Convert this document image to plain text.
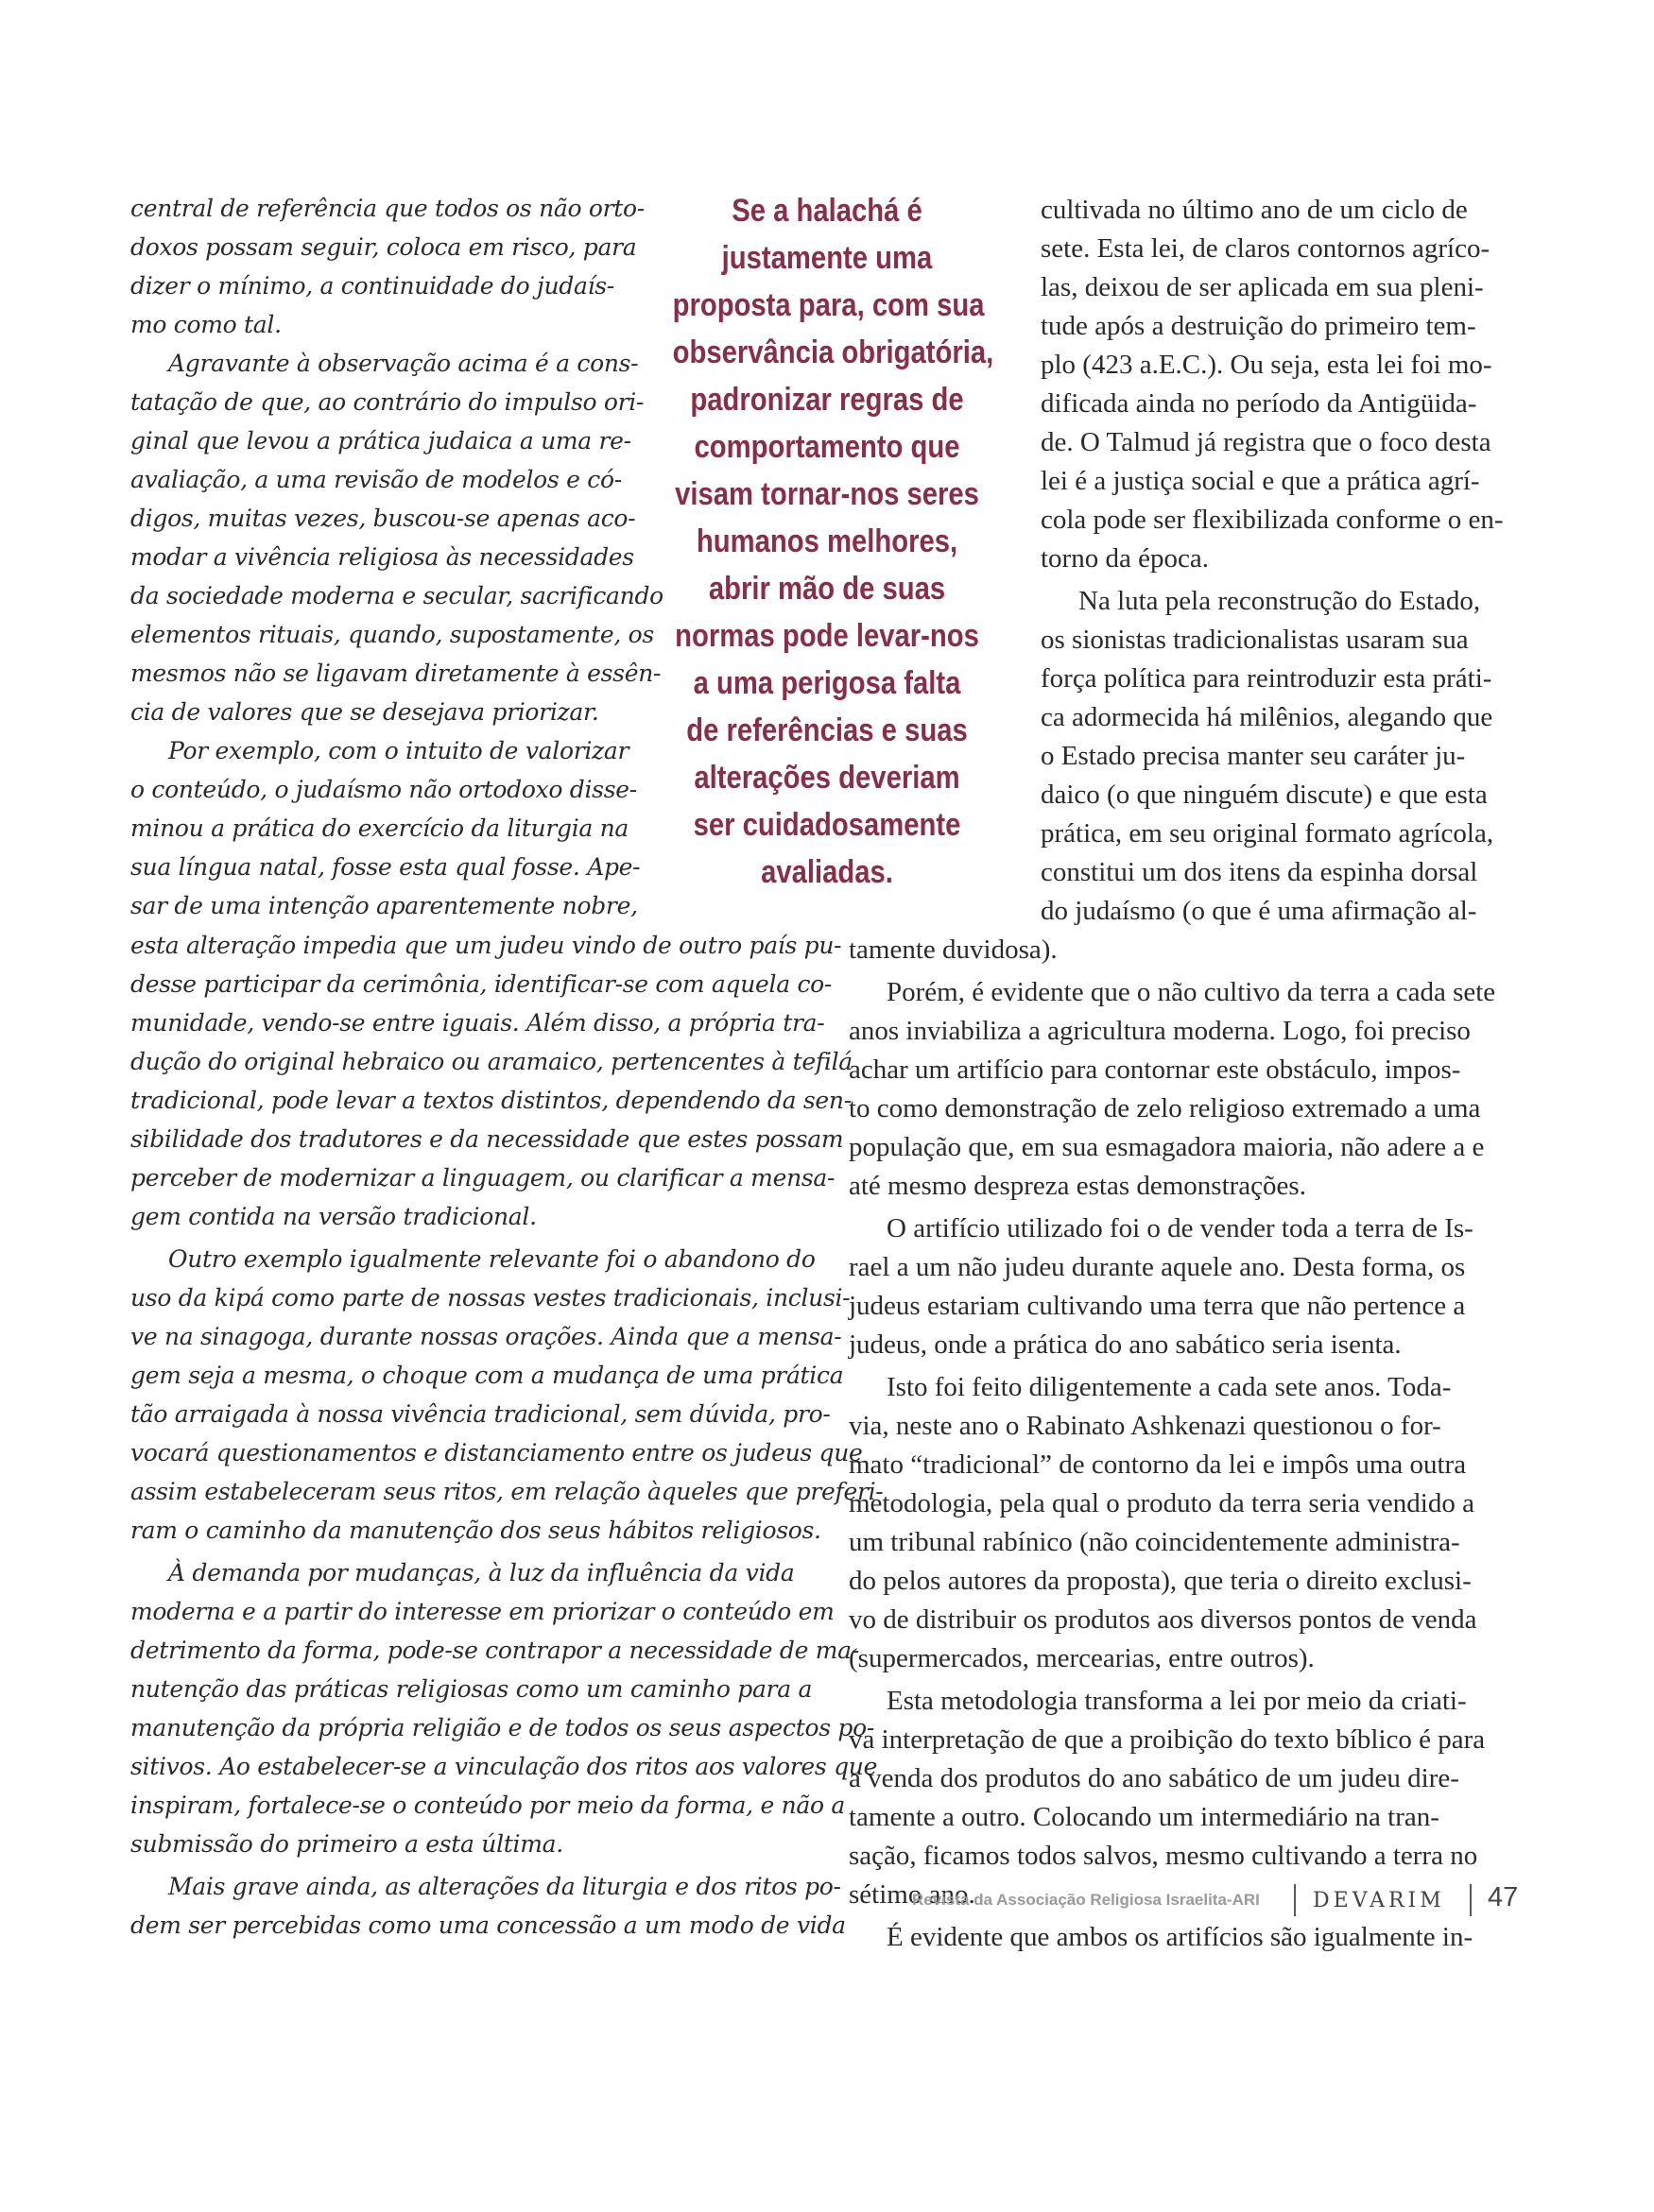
central de referência que todos os não orto-

doxos possam seguir, coloca em risco, para

dizer o mínimo, a continuidade do judaís-

mo como tal.

Agravante à observação acima é a cons-

tatação de que, ao contrário do impulso ori-

ginal que levou a prática judaica a uma re-

avaliação, a uma revisão de modelos e có-

digos, muitas vezes, buscou-se apenas aco-

modar a vivência religiosa às necessidades

da sociedade moderna e secular, sacrificando

elementos rituais, quando, supostamente, os

mesmos não se ligavam diretamente à essên-

cia de valores que se desejava priorizar.

Por exemplo, com o intuito de valorizar

o conteúdo, o judaísmo não ortodoxo disse-

minou a prática do exercício da liturgia na

sua língua natal, fosse esta qual fosse. Ape-

sar de uma intenção aparentemente nobre,

esta alteração impedia que um judeu vindo de outro país pu-

desse participar da cerimônia, identificar-se com aquela co-

munidade, vendo-se entre iguais. Além disso, a própria tra-

dução do original hebraico ou aramaico, pertencentes à tefilá

tradicional, pode levar a textos distintos, dependendo da sen-

sibilidade dos tradutores e da necessidade que estes possam

perceber de modernizar a linguagem, ou clarificar a mensa-

gem contida na versão tradicional.

Outro exemplo igualmente relevante foi o abandono do

uso da kipá como parte de nossas vestes tradicionais, inclusi-

ve na sinagoga, durante nossas orações. Ainda que a mensa-

gem seja a mesma, o choque com a mudança de uma prática

tão arraigada à nossa vivência tradicional, sem dúvida, pro-

vocará questionamentos e distanciamento entre os judeus que

assim estabeleceram seus ritos, em relação àqueles que preferi-

ram o caminho da manutenção dos seus hábitos religiosos.

À demanda por mudanças, à luz da influência da vida

moderna e a partir do interesse em priorizar o conteúdo em

detrimento da forma, pode-se contrapor a necessidade de ma-

nutenção das práticas religiosas como um caminho para a

manutenção da própria religião e de todos os seus aspectos po-

sitivos. Ao estabelecer-se a vinculação dos ritos aos valores que

inspiram, fortalece-se o conteúdo por meio da forma, e não a

submissão do primeiro a esta última.

Mais grave ainda, as alterações da liturgia e dos ritos po-

dem ser percebidas como uma concessão a um modo de vida

Se a halachá é

justamente uma

proposta para, com sua

observância obrigatória,

padronizar regras de

comportamento que

visam tornar-nos seres

humanos melhores,

abrir mão de suas

normas pode levar-nos

a uma perigosa falta

de referências e suas

alterações deveriam

ser cuidadosamente

avaliadas.

cultivada no último ano de um ciclo de

sete. Esta lei, de claros contornos agríco-

las, deixou de ser aplicada em sua pleni-

tude após a destruição do primeiro tem-

plo (423 a.E.C.). Ou seja, esta lei foi mo-

dificada ainda no período da Antigüida-

de. O Talmud já registra que o foco desta

lei é a justiça social e que a prática agrí-

cola pode ser flexibilizada conforme o en-

torno da época.

Na luta pela reconstrução do Estado,

os sionistas tradicionalistas usaram sua

força política para reintroduzir esta práti-

ca adormecida há milênios, alegando que

o Estado precisa manter seu caráter ju-

daico (o que ninguém discute) e que esta

prática, em seu original formato agrícola,

constitui um dos itens da espinha dorsal

do judaísmo (o que é uma afirmação al-

tamente duvidosa).

Porém, é evidente que o não cultivo da terra a cada sete

anos inviabiliza a agricultura moderna. Logo, foi preciso

achar um artifício para contornar este obstáculo, impos-

to como demonstração de zelo religioso extremado a uma

população que, em sua esmagadora maioria, não adere a e

até mesmo despreza estas demonstrações.

O artifício utilizado foi o de vender toda a terra de Is-

rael a um não judeu durante aquele ano. Desta forma, os

judeus estariam cultivando uma terra que não pertence a

judeus, onde a prática do ano sabático seria isenta.

Isto foi feito diligentemente a cada sete anos. Toda-

via, neste ano o Rabinato Ashkenazi questionou o for-

mato “tradicional” de contorno da lei e impôs uma outra

metodologia, pela qual o produto da terra seria vendido a

um tribunal rabínico (não coincidentemente administra-

do pelos autores da proposta), que teria o direito exclusi-

vo de distribuir os produtos aos diversos pontos de venda

(supermercados, mercearias, entre outros).

Esta metodologia transforma a lei por meio da criati-

va interpretação de que a proibição do texto bíblico é para

a venda dos produtos do ano sabático de um judeu dire-

tamente a outro. Colocando um intermediário na tran-

sação, ficamos todos salvos, mesmo cultivando a terra no

sétimo ano.

É evidente que ambos os artifícios são igualmente in-

Revista da Associação Religiosa Israelita-ARI	DEVARIM 47
